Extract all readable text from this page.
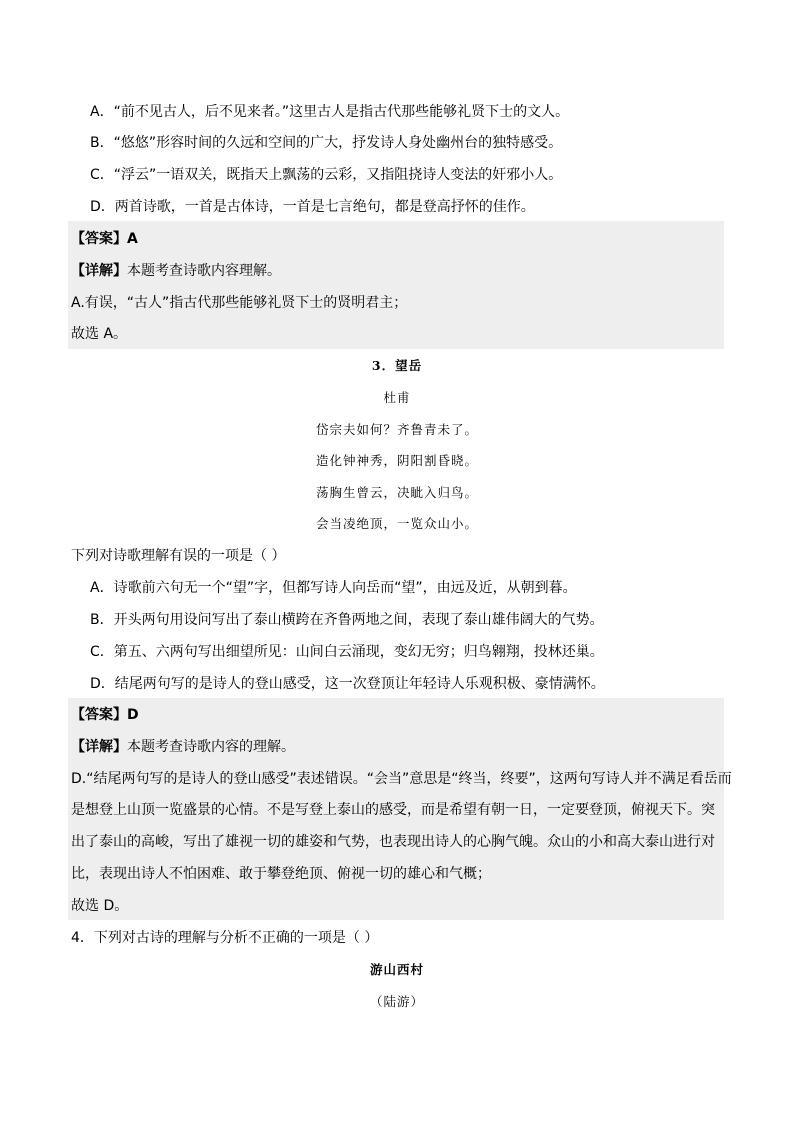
A．“前不见古人，后不见来者。”这里古人是指古代那些能够礼贤下士的文人。
B．“悠悠”形容时间的久远和空间的广大，抒发诗人身处幽州台的独特感受。
C．“浮云”一语双关，既指天上飘荡的云彩，又指阻挠诗人变法的奸邪小人。
D．两首诗歌，一首是古体诗，一首是七言绝句，都是登高抒怀的佳作。
【答案】A
【详解】本题考查诗歌内容理解。
A.有误，“古人”指古代那些能够礼贤下士的贤明君主；
故选 A。
3．望岳
杜甫
岱宗夫如何？齐鲁青未了。
造化钟神秀，阴阳割昏晓。
荡胸生曾云，决眦入归鸟。
会当凌绝顶，一览众山小。
下列对诗歌理解有误的一项是（ ）
A．诗歌前六句无一个“望”字，但都写诗人向岳而“望”，由远及近，从朝到暮。
B．开头两句用设问写出了泰山横跨在齐鲁两地之间，表现了泰山雄伟阔大的气势。
C．第五、六两句写出细望所见：山间白云涌现，变幻无穷；归鸟翱翔，投林还巢。
D．结尾两句写的是诗人的登山感受，这一次登顶让年轻诗人乐观积极、豪情满怀。
【答案】D
【详解】本题考查诗歌内容的理解。
D.“结尾两句写的是诗人的登山感受”表述错误。“会当”意思是“终当，终要”，这两句写诗人并不满足看岳而
是想登上山顶一览盛景的心情。不是写登上泰山的感受，而是希望有朝一日，一定要登顶，俯视天下。突
出了泰山的高峻，写出了雄视一切的雄姿和气势，也表现出诗人的心胸气魄。众山的小和高大泰山进行对
比，表现出诗人不怕困难、敢于攀登绝顶、俯视一切的雄心和气概；
故选 D。
4．下列对古诗的理解与分析不正确的一项是（ ）
游山西村
（陆游）
